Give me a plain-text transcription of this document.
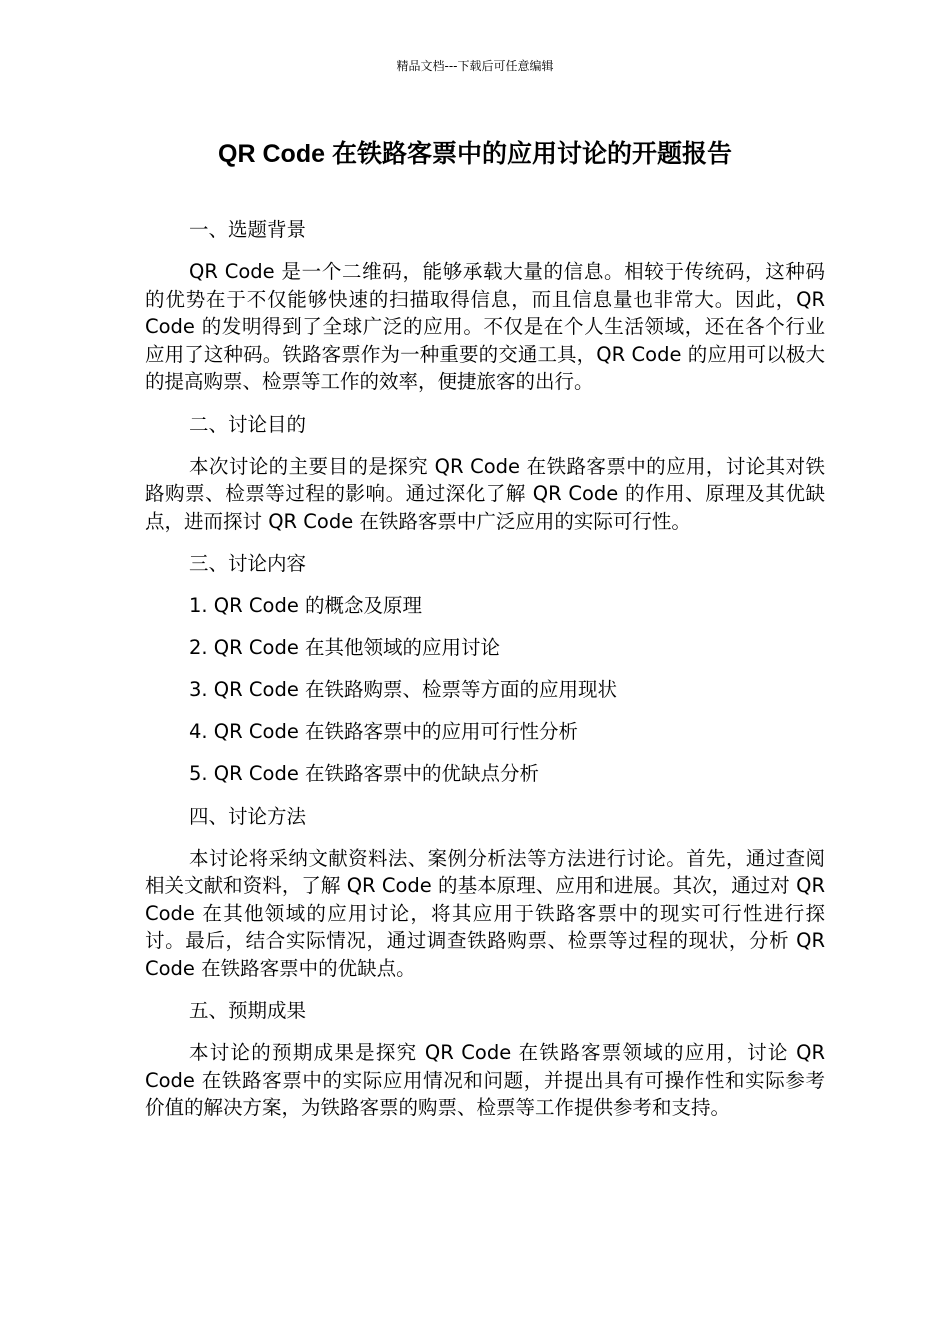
精品文档---下载后可任意编辑
QR Code 在铁路客票中的应用讨论的开题报告

一、选题背景

QR Code 是一个二维码，能够承载大量的信息。相较于传统码，这种码的优势在于不仅能够快速的扫描取得信息，而且信息量也非常大。因此，QR Code 的发明得到了全球广泛的应用。不仅是在个人生活领域，还在各个行业应用了这种码。铁路客票作为一种重要的交通工具，QR Code 的应用可以极大的提高购票、检票等工作的效率，便捷旅客的出行。

二、讨论目的

本次讨论的主要目的是探究 QR Code 在铁路客票中的应用，讨论其对铁路购票、检票等过程的影响。通过深化了解 QR Code 的作用、原理及其优缺点，进而探讨 QR Code 在铁路客票中广泛应用的实际可行性。

三、讨论内容

1. QR Code 的概念及原理

2. QR Code 在其他领域的应用讨论

3. QR Code 在铁路购票、检票等方面的应用现状

4. QR Code 在铁路客票中的应用可行性分析

5. QR Code 在铁路客票中的优缺点分析

四、讨论方法

本讨论将采纳文献资料法、案例分析法等方法进行讨论。首先，通过查阅相关文献和资料，了解 QR Code 的基本原理、应用和进展。其次，通过对 QR Code 在其他领域的应用讨论，将其应用于铁路客票中的现实可行性进行探讨。最后，结合实际情况，通过调查铁路购票、检票等过程的现状，分析 QR Code 在铁路客票中的优缺点。

五、预期成果

本讨论的预期成果是探究 QR Code 在铁路客票领域的应用，讨论 QR Code 在铁路客票中的实际应用情况和问题，并提出具有可操作性和实际参考价值的解决方案，为铁路客票的购票、检票等工作提供参考和支持。
